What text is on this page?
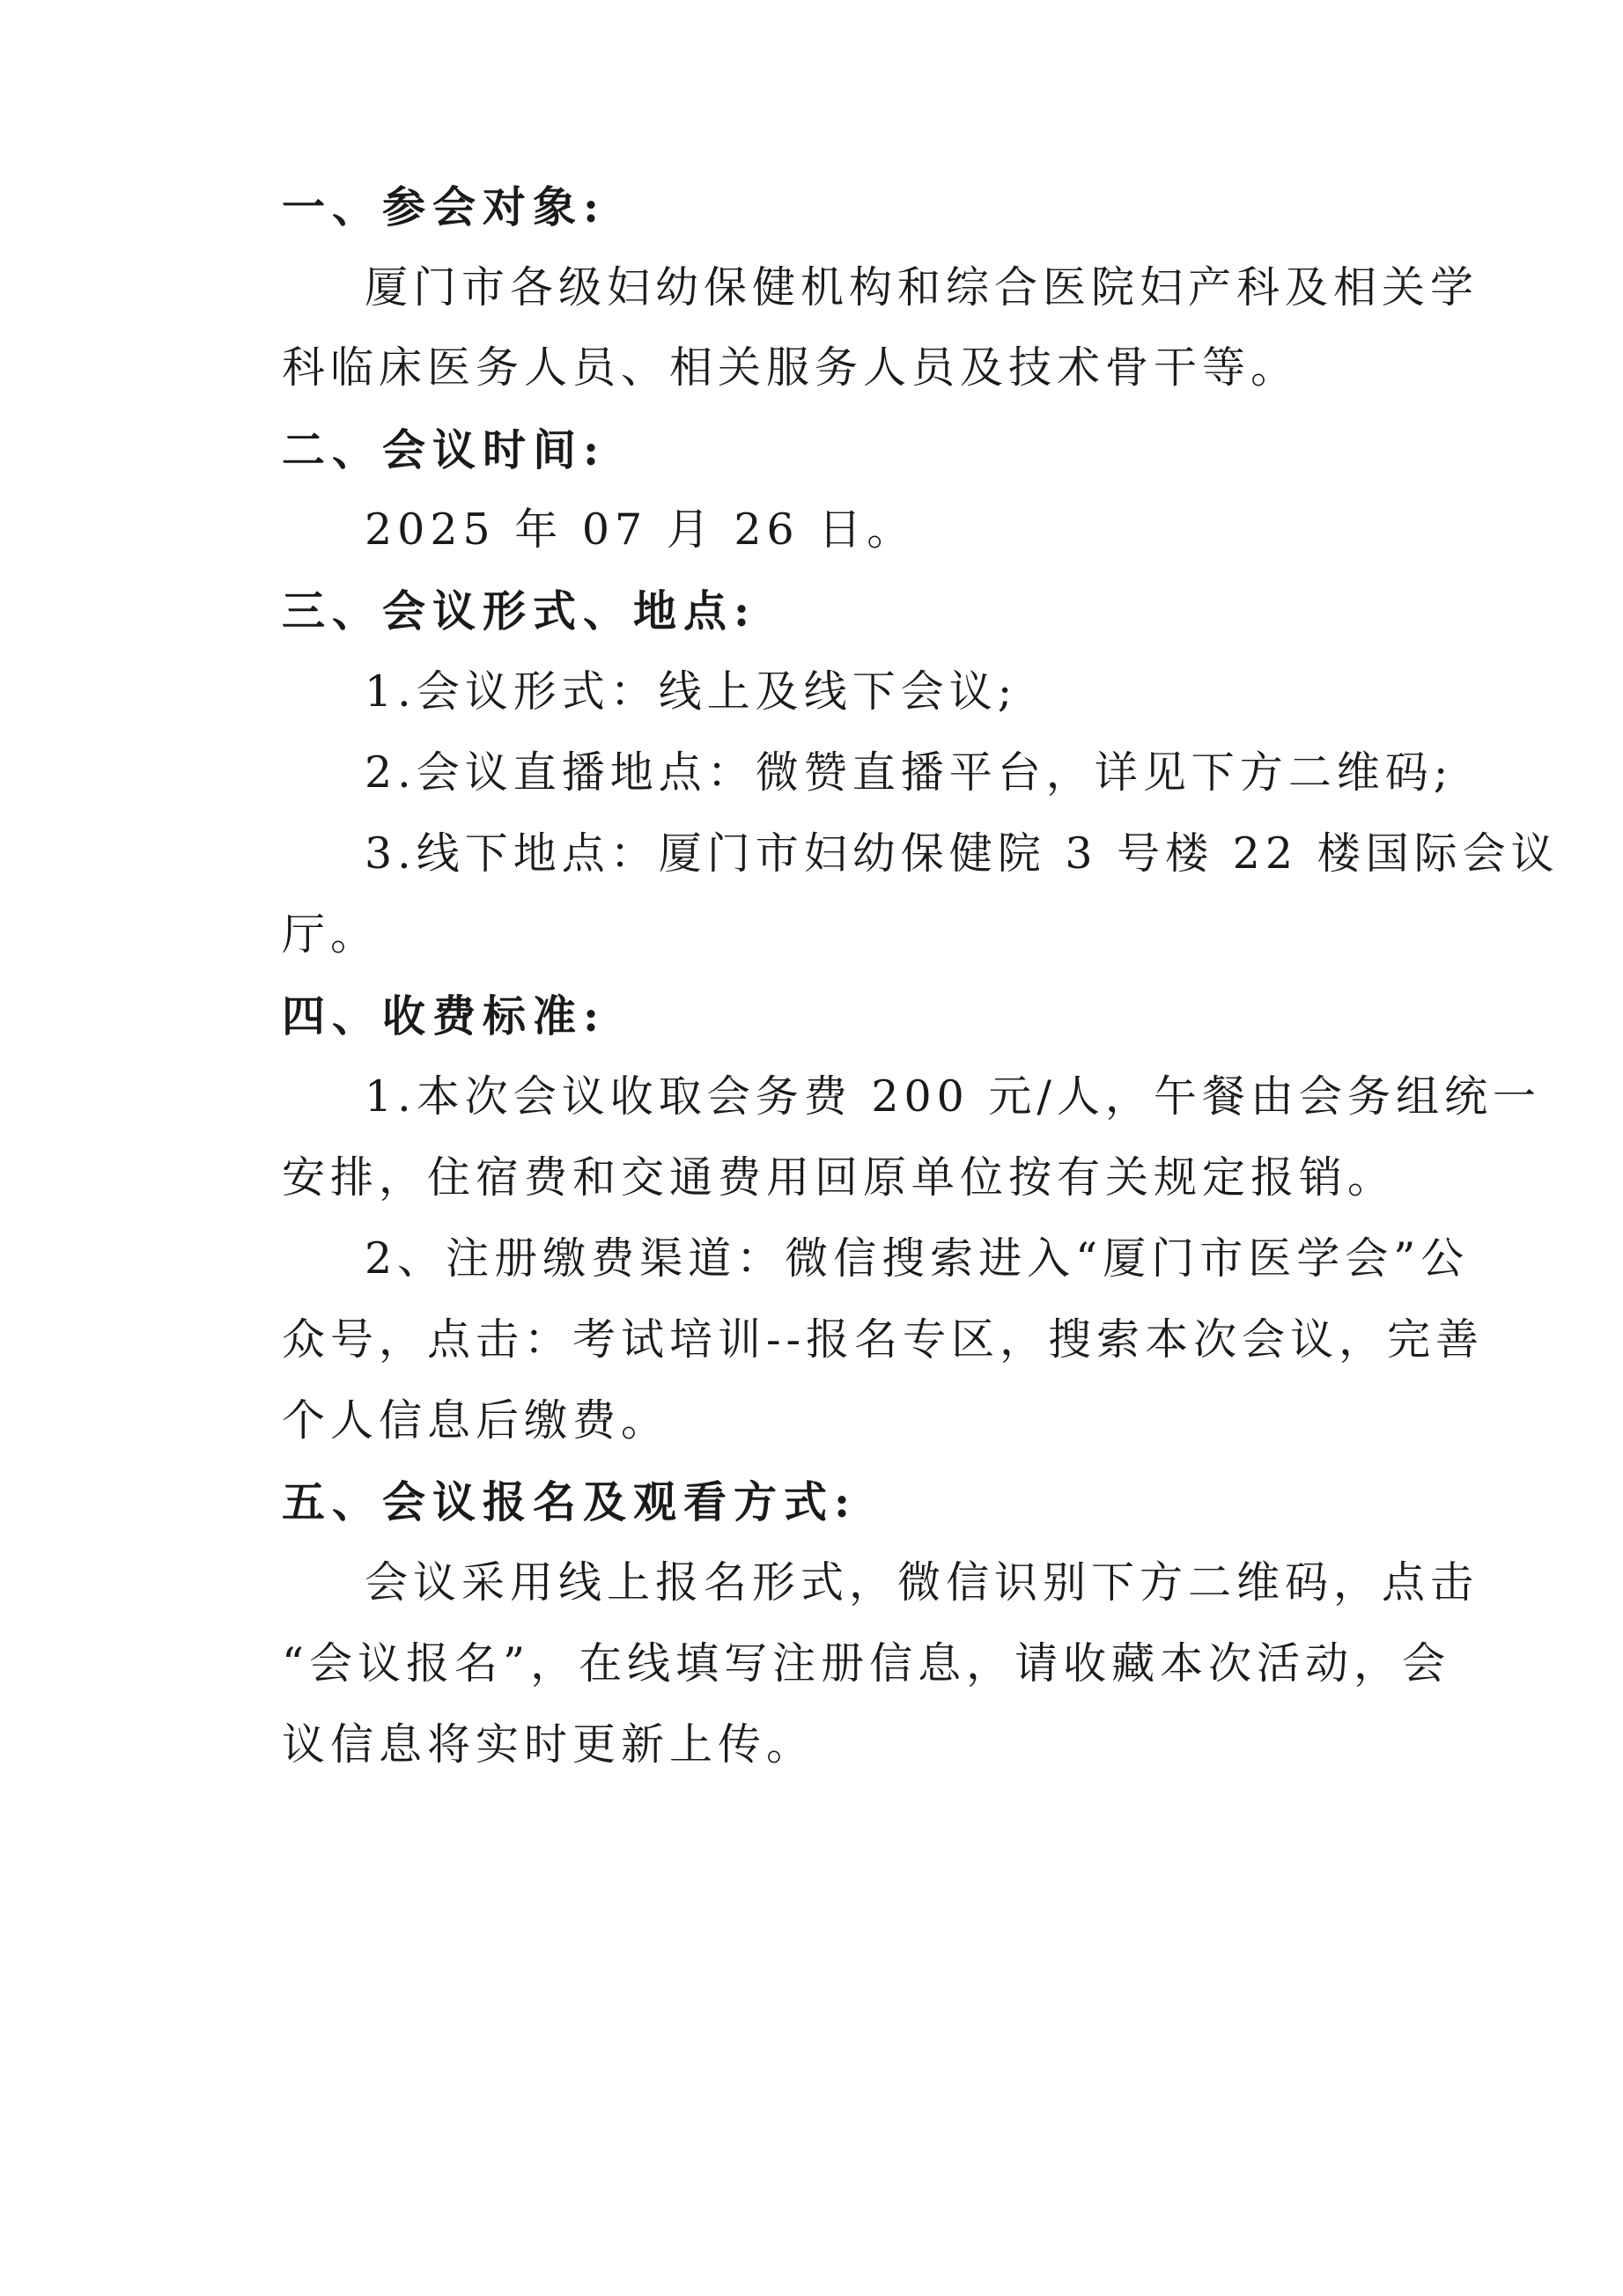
一、参会对象:
厦门市各级妇幼保健机构和综合医院妇产科及相关学
科临床医务人员、相关服务人员及技术骨干等。
二、会议时间:
2025 年 07 月 26 日。
三、会议形式、地点:
1.会议形式：线上及线下会议;
2.会议直播地点：微赞直播平台，详见下方二维码;
3.线下地点：厦门市妇幼保健院 3 号楼 22 楼国际会议
厅。
四、收费标准:
1.本次会议收取会务费 200 元/人，午餐由会务组统一
安排，住宿费和交通费用回原单位按有关规定报销。
2、注册缴费渠道：微信搜索进入“厦门市医学会”公
众号，点击：考试培训--报名专区，搜索本次会议，完善
个人信息后缴费。
五、会议报名及观看方式:
会议采用线上报名形式，微信识别下方二维码，点击
“会议报名”，在线填写注册信息，请收藏本次活动，会
议信息将实时更新上传。
